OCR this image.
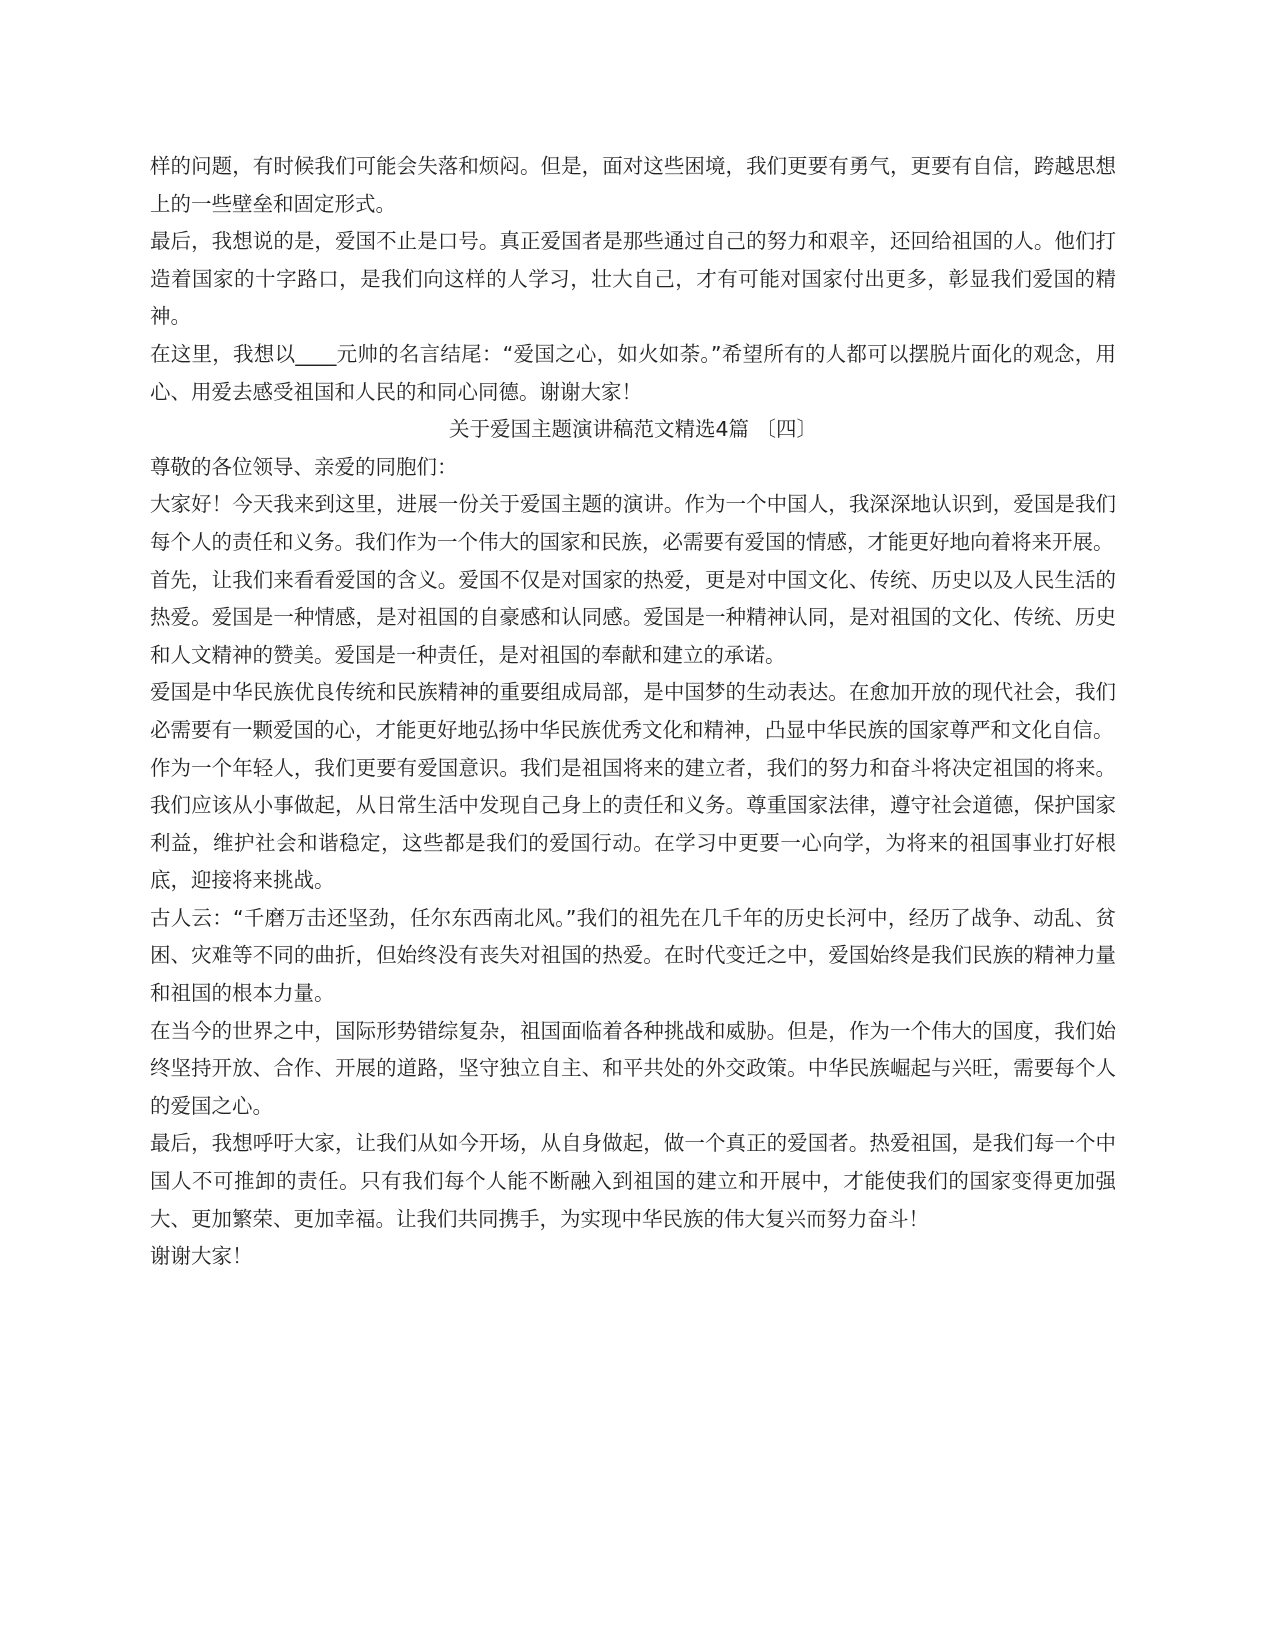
样的问题，有时候我们可能会失落和烦闷。但是，面对这些困境，我们更要有勇气，更要有自信，跨越思想上的一些壁垒和固定形式。

最后，我想说的是，爱国不止是口号。真正爱国者是那些通过自己的努力和艰辛，还回给祖国的人。他们打造着国家的十字路口，是我们向这样的人学习，壮大自己，才有可能对国家付出更多，彰显我们爱国的精神。

在这里，我想以____元帅的名言结尾：“爱国之心，如火如荼。”希望所有的人都可以摆脱片面化的观念，用心、用爱去感受祖国和人民的和同心同德。谢谢大家！

关于爱国主题演讲稿范文精选4篇 〔四〕

尊敬的各位领导、亲爱的同胞们：

大家好！今天我来到这里，进展一份关于爱国主题的演讲。作为一个中国人，我深深地认识到，爱国是我们每个人的责任和义务。我们作为一个伟大的国家和民族，必需要有爱国的情感，才能更好地向着将来开展。

首先，让我们来看看爱国的含义。爱国不仅是对国家的热爱，更是对中国文化、传统、历史以及人民生活的热爱。爱国是一种情感，是对祖国的自豪感和认同感。爱国是一种精神认同，是对祖国的文化、传统、历史和人文精神的赞美。爱国是一种责任，是对祖国的奉献和建立的承诺。

爱国是中华民族优良传统和民族精神的重要组成局部，是中国梦的生动表达。在愈加开放的现代社会，我们必需要有一颗爱国的心，才能更好地弘扬中华民族优秀文化和精神，凸显中华民族的国家尊严和文化自信。

作为一个年轻人，我们更要有爱国意识。我们是祖国将来的建立者，我们的努力和奋斗将决定祖国的将来。我们应该从小事做起，从日常生活中发现自己身上的责任和义务。尊重国家法律，遵守社会道德，保护国家利益，维护社会和谐稳定，这些都是我们的爱国行动。在学习中更要一心向学，为将来的祖国事业打好根底，迎接将来挑战。

古人云：“千磨万击还坚劲，任尔东西南北风。”我们的祖先在几千年的历史长河中，经历了战争、动乱、贫困、灾难等不同的曲折，但始终没有丧失对祖国的热爱。在时代变迁之中，爱国始终是我们民族的精神力量和祖国的根本力量。

在当今的世界之中，国际形势错综复杂，祖国面临着各种挑战和威胁。但是，作为一个伟大的国度，我们始终坚持开放、合作、开展的道路，坚守独立自主、和平共处的外交政策。中华民族崛起与兴旺，需要每个人的爱国之心。

最后，我想呼吁大家，让我们从如今开场，从自身做起，做一个真正的爱国者。热爱祖国，是我们每一个中国人不可推卸的责任。只有我们每个人能不断融入到祖国的建立和开展中，才能使我们的国家变得更加强大、更加繁荣、更加幸福。让我们共同携手，为实现中华民族的伟大复兴而努力奋斗！

谢谢大家！
